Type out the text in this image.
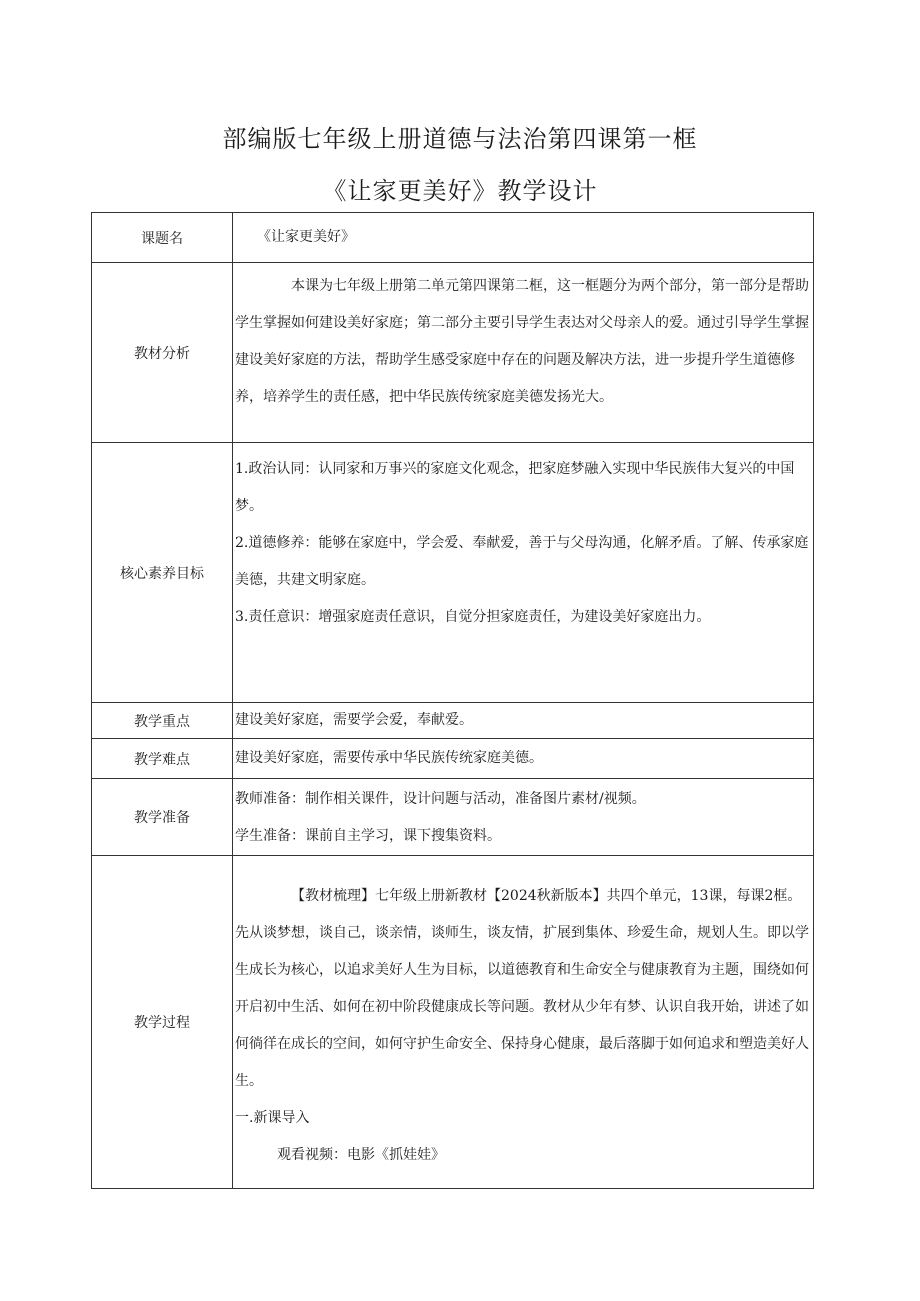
部编版七年级上册道德与法治第四课第一框
《让家更美好》教学设计
课题名	《让家更美好》
教材分析	本课为七年级上册第二单元第四课第二框，这一框题分为两个部分，第一部分是帮助学生掌握如何建设美好家庭；第二部分主要引导学生表达对父母亲人的爱。通过引导学生掌握建设美好家庭的方法，帮助学生感受家庭中存在的问题及解决方法，进一步提升学生道德修养，培养学生的责任感，把中华民族传统家庭美德发扬光大。

核心素养目标	1.政治认同：认同家和万事兴的家庭文化观念，把家庭梦融入实现中华民族伟大复兴的中国梦。

2.道德修养：能够在家庭中，学会爱、奉献爱，善于与父母沟通，化解矛盾。了解、传承家庭美德，共建文明家庭。

3.责任意识：增强家庭责任意识，自觉分担家庭责任，为建设美好家庭出力。

教学重点	建设美好家庭，需要学会爱，奉献爱。
教学难点	建设美好家庭，需要传承中华民族传统家庭美德。
教学准备	教师准备：制作相关课件，设计问题与活动，准备图片素材/视频。

学生准备：课前自主学习，课下搜集资料。

教学过程	【教材梳理】七年级上册新教材【2024秋新版本】共四个单元，13课，每课2框。先从谈梦想，谈自己，谈亲情，谈师生，谈友情，扩展到集体、珍爱生命，规划人生。即以学生成长为核心，以追求美好人生为目标，以道德教育和生命安全与健康教育为主题，围绕如何开启初中生活、如何在初中阶段健康成长等问题。教材从少年有梦、认识自我开始，讲述了如何徜徉在成长的空间，如何守护生命安全、保持身心健康，最后落脚于如何追求和塑造美好人生。

一.新课导入

观看视频：电影《抓娃娃》
